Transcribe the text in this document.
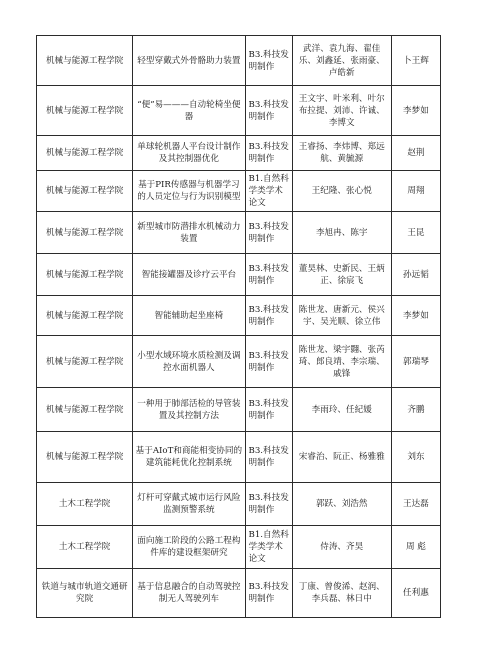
机械与能源工程学院	轻型穿戴式外骨骼助力装置	B3.科技发明制作	武洋、袁九海、翟佳乐、刘鑫延、张雨豪、卢皓新	卜王辉
机械与能源工程学院	“便”易———自动轮椅坐便器	B3.科技发明制作	王文宇、叶米利、叶尔布拉提、刘沛、许诚、李博文	李梦如
机械与能源工程学院	单球轮机器人平台设计制作及其控制器优化	B3.科技发明制作	王睿扬、李炜博、郑远航、黄毓源	赵荆
机械与能源工程学院	基于PIR传感器与机器学习的人员定位与行为识别模型	B1.自然科学类学术论文	王纪隆、张心悦	周翔
机械与能源工程学院	新型城市防潜排水机械动力装置	B3.科技发明制作	李旭冉、陈宇	王昆
机械与能源工程学院	智能接罐器及诊疗云平台	B3.科技发明制作	董昊林、史新民、王炳正、徐宸飞	孙远韬
机械与能源工程学院	智能辅助起坐座椅	B3.科技发明制作	陈世龙、唐新元、侯兴宇、吴光顺、徐立伟	李梦如
机械与能源工程学院	小型水域环境水质检测及调控水面机器人	B3.科技发明制作	陈世龙、梁宇翾、张芮琦、郎良靖、李宗瑞、戚锋	郭瑞琴
机械与能源工程学院	一种用于肺部活检的导管装置及其控制方法	B3.科技发明制作	李雨玲、任紀媛	齐鹏
机械与能源工程学院	基于AIoT和商能相变协同的建筑能耗优化控制系统	B3.科技发明制作	宋睿治、阮正、杨雅雅	刘东
土木工程学院	灯杆可穿戴式城市运行风险监测预警系统	B3.科技发明制作	郭跃、刘浩然	王达磊
土木工程学院	面向施工阶段的公路工程构件库的建设框架研究	B1.自然科学类学术论文	侍涛、齐昊	周 彪
铁道与城市轨道交通研究院	基于信息融合的自动驾驶控制无人驾驶列车	B3.科技发明制作	丁康、曾俊浠、赵润、李兵磊、林日中	任利惠
